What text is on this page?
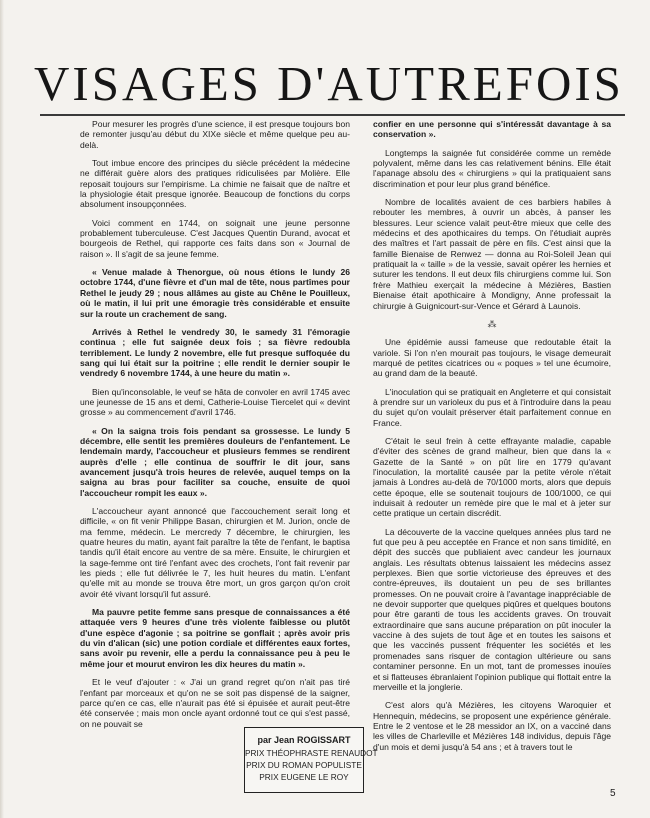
VISAGES D'AUTREFOIS

Pour mesurer les progrès d'une science, il est presque toujours bon de remonter jusqu'au début du XIXe siècle et même quelque peu au-delà.

Tout imbue encore des principes du siècle précédent la médecine ne différait guère alors des pratiques ridiculisées par Molière. Elle reposait toujours sur l'empirisme. La chimie ne faisait que de naître et la physiologie était presque ignorée. Beaucoup de fonctions du corps absolument insoupçonnées.

Voici comment en 1744, on soignait une jeune personne probablement tuberculeuse. C'est Jacques Quentin Durand, avocat et bourgeois de Rethel, qui rapporte ces faits dans son « Journal de raison ». Il s'agit de sa jeune femme.

« Venue malade à Thenorgue, où nous étions le lundy 26 octobre 1744, d'une fièvre et d'un mal de tête, nous partîmes pour Rethel le jeudy 29 ; nous allâmes au giste au Chêne le Pouilleux, où le matin, il lui prit une émoragie très considérable et ensuite sur la route un crachement de sang.

Arrivés à Rethel le vendredy 30, le samedy 31 l'émoragie continua ; elle fut saignée deux fois ; sa fièvre redoubla terriblement. Le lundy 2 novembre, elle fut presque suffoquée du sang qui lui était sur la poitrine ; elle rendit le dernier soupir le vendredy 6 novembre 1744, à une heure du matin ».

Bien qu'inconsolable, le veuf se hâta de convoler en avril 1745 avec une jeunesse de 15 ans et demi, Catherie-Louise Tiercelet qui « devint grosse » au commencement d'avril 1746.

« On la saigna trois fois pendant sa grossesse. Le lundy 5 décembre, elle sentit les premières douleurs de l'enfantement. Le lendemain mardy, l'accoucheur et plusieurs femmes se rendirent auprès d'elle ; elle continua de souffrir le dit jour, sans avancement jusqu'à trois heures de relevée, auquel temps on la saigna au bras pour faciliter sa couche, ensuite de quoi l'accoucheur rompit les eaux ».

L'accoucheur ayant annoncé que l'accouchement serait long et difficile, « on fit venir Philippe Basan, chirurgien et M. Jurion, oncle de ma femme, médecin. Le mercredy 7 décembre, le chirurgien, les quatre heures du matin, ayant fait paraître la tête de l'enfant, le baptisa tandis qu'il était encore au ventre de sa mère. Ensuite, le chirurgien et la sage-femme ont tiré l'enfant avec des crochets, l'ont fait revenir par les pieds ; elle fut délivrée le 7, les huit heures du matin. L'enfant qu'elle mit au monde se trouva être mort, un gros garçon qu'on croit avoir été vivant lorsqu'il fut assuré.

Ma pauvre petite femme sans presque de connaissances a été attaquée vers 9 heures d'une très violente faiblesse ou plutôt d'une espèce d'agonie ; sa poitrine se gonflait ; après avoir pris du vin d'alican (sic) une potion cordiale et différentes eaux fortes, sans avoir pu revenir, elle a perdu la connaissance peu à peu le même jour et mourut environ les dix heures du matin ».

Et le veuf d'ajouter : « J'ai un grand regret qu'on n'ait pas tiré l'enfant par morceaux et qu'on ne se soit pas dispensé de la saigner, parce qu'en ce cas, elle n'aurait pas été si épuisée et aurait peut-être été conservée ; mais mon oncle ayant ordonné tout ce qui s'est passé, on ne pouvait se

confier en une personne qui s'intéressât davantage à sa conservation ».

Longtemps la saignée fut considérée comme un remède polyvalent, même dans les cas relativement bénins. Elle était l'apanage absolu des « chirurgiens » qui la pratiquaient sans discrimination et pour leur plus grand bénéfice.

Nombre de localités avaient de ces barbiers habiles à rebouter les membres, à ouvrir un abcès, à panser les blessures. Leur science valait peut-être mieux que celle des médecins et des apothicaires du temps. On l'étudiait auprès des maîtres et l'art passait de père en fils. C'est ainsi que la famille Bienaise de Renwez — donna au Roi-Soleil Jean qui pratiquait la « taille » de la vessie, savait opérer les hernies et suturer les tendons. Il eut deux fils chirurgiens comme lui. Son frère Mathieu exerçait la médecine à Mézières, Bastien Bienaise était apothicaire à Mondigny, Anne professait la chirurgie à Guignicourt-sur-Vence et Gérard à Launois.

⁂

Une épidémie aussi fameuse que redoutable était la variole. Si l'on n'en mourait pas toujours, le visage demeurait marqué de petites cicatrices ou « poques » tel une écumoire, au grand dam de la beauté.

L'inoculation qui se pratiquait en Angleterre et qui consistait à prendre sur un varioleux du pus et à l'introduire dans la peau du sujet qu'on voulait préserver était parfaitement connue en France.

C'était le seul frein à cette effrayante maladie, capable d'éviter des scènes de grand malheur, bien que dans la « Gazette de la Santé » on pût lire en 1779 qu'avant l'inoculation, la mortalité causée par la petite vérole n'était jamais à Londres au-delà de 70/1000 morts, alors que depuis cette époque, elle se soutenait toujours de 100/1000, ce qui induisait à redouter un remède pire que le mal et à jeter sur cette pratique un certain discrédit.

La découverte de la vaccine quelques années plus tard ne fut que peu à peu acceptée en France et non sans timidité, en dépit des succès que publiaient avec candeur les journaux anglais. Les résultats obtenus laissaient les médecins assez perplexes. Bien que sortie victorieuse des épreuves et des contre-épreuves, ils doutaient un peu de ses brillantes promesses. On ne pouvait croire à l'avantage inappréciable de ne devoir supporter que quelques piqûres et quelques boutons pour être garanti de tous les accidents graves. On trouvait extraordinaire que sans aucune préparation on pût inoculer la vaccine à des sujets de tout âge et en toutes les saisons et que les vaccinés pussent fréquenter les sociétés et les promenades sans risquer de contagion ultérieure ou sans contaminer personne. En un mot, tant de promesses inouïes et si flatteuses ébranlaient l'opinion publique qui flottait entre la merveille et la jonglerie.

C'est alors qu'à Mézières, les citoyens Waroquier et Hennequin, médecins, se proposent une expérience générale. Entre le 2 ventose et le 28 messidor an IX, on a vacciné dans les villes de Charleville et Mézières 148 individus, depuis l'âge d'un mois et demi jusqu'à 54 ans ; et à travers tout le

par Jean ROGISSART
PRIX THÉOPHRASTE RENAUDOT
PRIX DU ROMAN POPULISTE
PRIX EUGENE LE ROY
5
